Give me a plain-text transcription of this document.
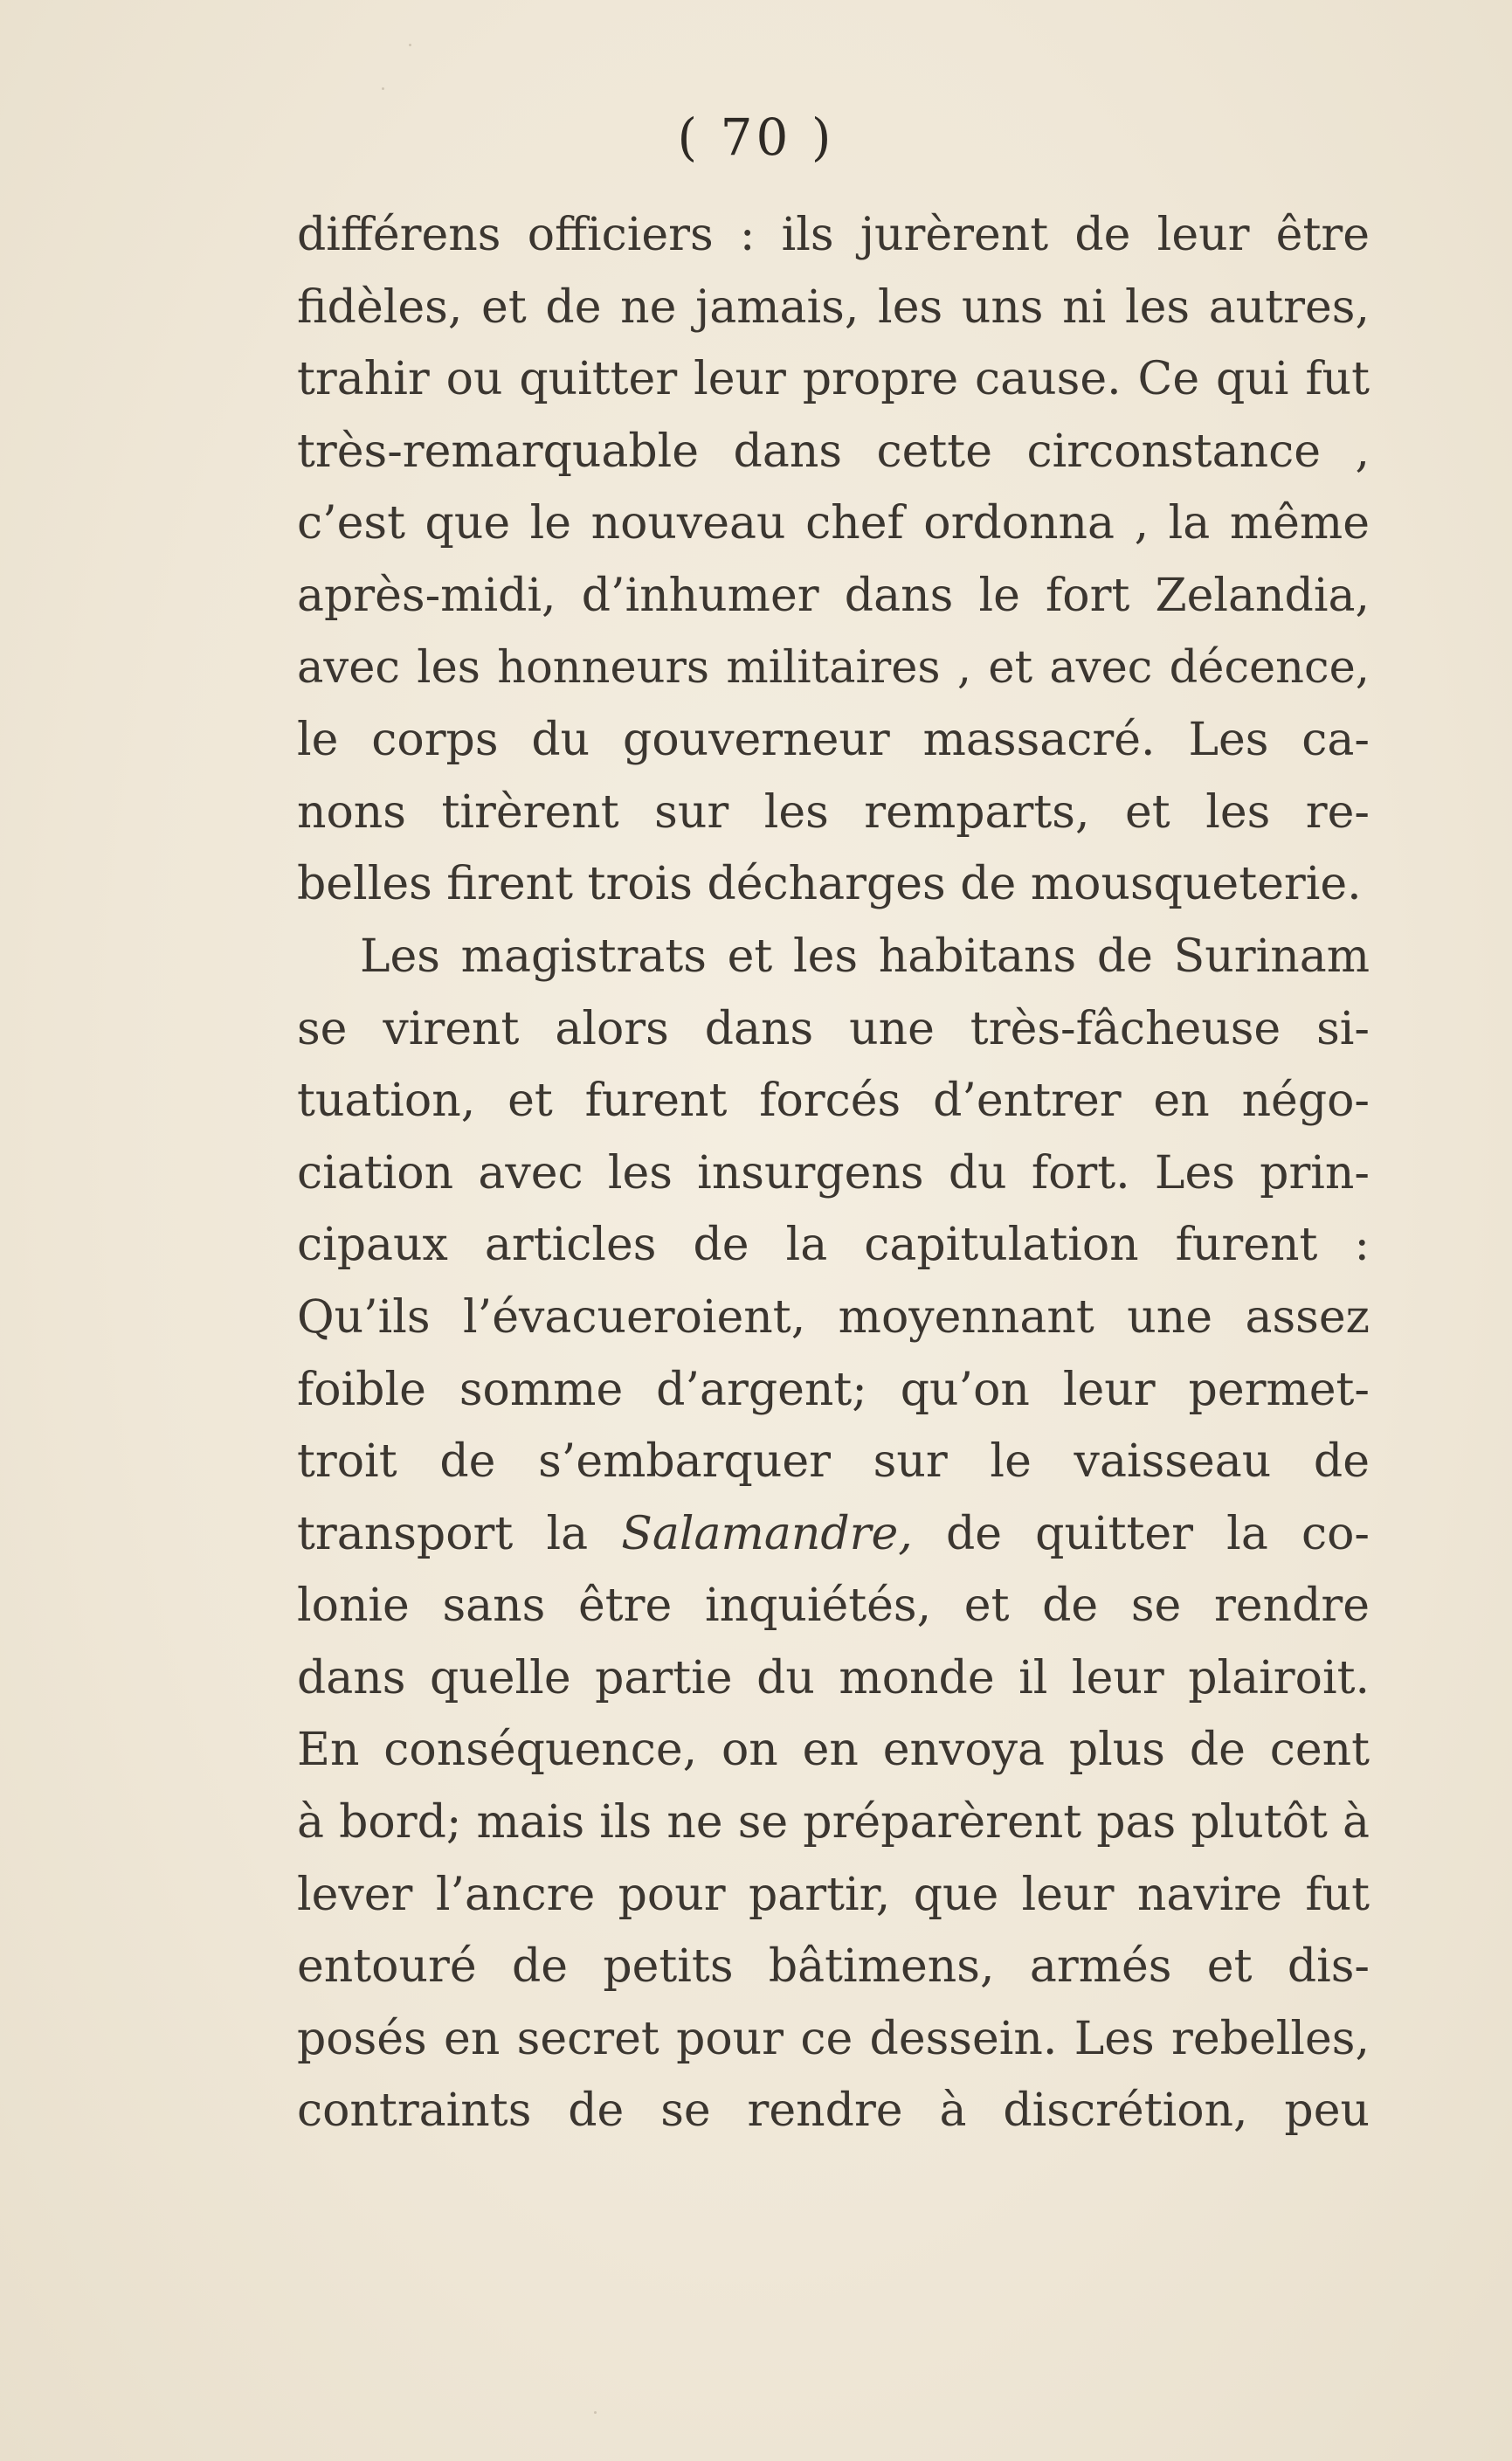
( 70 )
différens officiers : ils jurèrent de leur être
fidèles, et de ne jamais, les uns ni les autres,
trahir ou quitter leur propre cause. Ce qui fut
très-remarquable dans cette circonstance ,
c’est que le nouveau chef ordonna , la même
après-midi, d’inhumer dans le fort Zelandia,
avec les honneurs militaires , et avec décence,
le corps du gouverneur massacré. Les ca-
nons tirèrent sur les remparts, et les re-
belles firent trois décharges de mousqueterie.
Les magistrats et les habitans de Surinam
se virent alors dans une très-fâcheuse si-
tuation, et furent forcés d’entrer en négo-
ciation avec les insurgens du fort. Les prin-
cipaux articles de la capitulation furent :
Qu’ils l’évacueroient, moyennant une assez
foible somme d’argent; qu’on leur permet-
troit de s’embarquer sur le vaisseau de
transport la Salamandre, de quitter la co-
lonie sans être inquiétés, et de se rendre
dans quelle partie du monde il leur plairoit.
En conséquence, on en envoya plus de cent
à bord; mais ils ne se préparèrent pas plutôt à
lever l’ancre pour partir, que leur navire fut
entouré de petits bâtimens, armés et dis-
posés en secret pour ce dessein. Les rebelles,
contraints de se rendre à discrétion, peu
